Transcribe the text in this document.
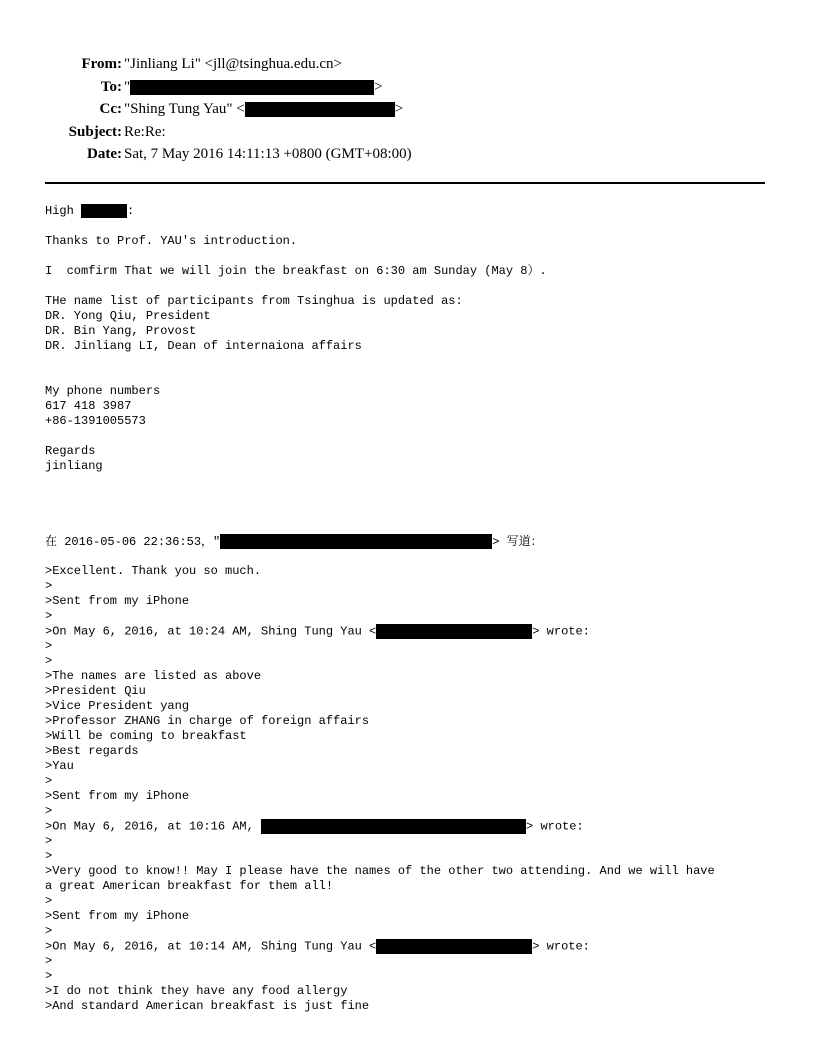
From: "Jinliang Li" <jll@tsinghua.edu.cn>
To: "	>
Cc: "Shing Tung Yau" <	>
Subject: Re:Re:
Date: Sat, 7 May 2016 14:11:13 +0800 (GMT+08:00)
High	:
Thanks to Prof. YAU's introduction.
I  comfirm That we will join the breakfast on 6:30 am Sunday (May 8）.
THe name list of participants from Tsinghua is updated as:
DR. Yong Qiu, President
DR. Bin Yang, Provost
DR. Jinliang LI, Dean of internaiona affairs
My phone numbers
617 418 3987
+86-1391005573
Regards
jinliang
在 2016-05-06 22:36:53，"	> 写道：
>Excellent. Thank you so much.
>
>Sent from my iPhone
>
>On May 6, 2016, at 10:24 AM, Shing Tung Yau <	> wrote:
>
>
>The names are listed as above
>President Qiu
>Vice President yang
>Professor ZHANG in charge of foreign affairs
>Will be coming to breakfast
>Best regards
>Yau
>
>Sent from my iPhone
>
>On May 6, 2016, at 10:16 AM,	> wrote:
>
>
>Very good to know!! May I please have the names of the other two attending. And we will have
a great American breakfast for them all!
>
>Sent from my iPhone
>
>On May 6, 2016, at 10:14 AM, Shing Tung Yau <	> wrote:
>
>
>I do not think they have any food allergy
>And standard American breakfast is just fine
